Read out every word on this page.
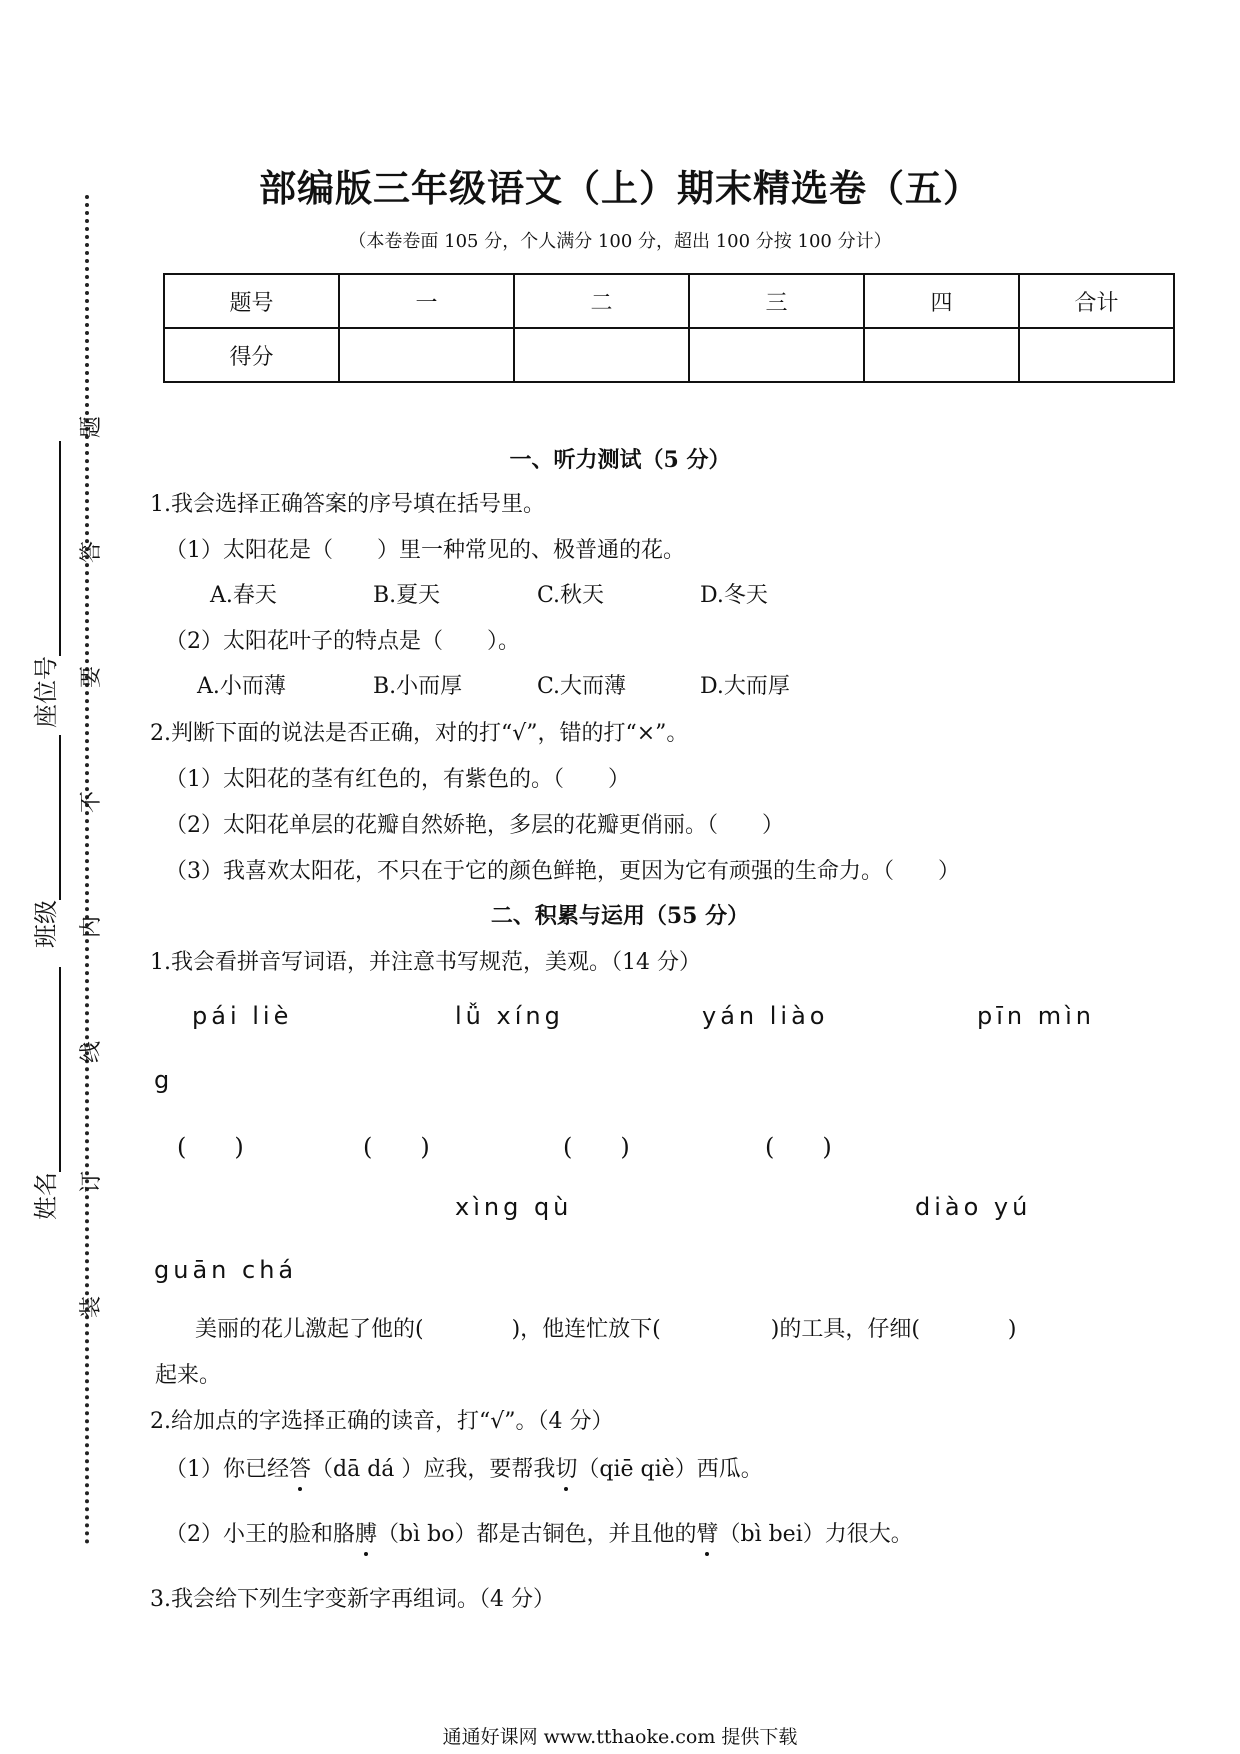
题
答
要
不
内
线
订
装
座位号
班级
姓名
部编版三年级语文（上）期末精选卷（五）
（本卷卷面 105 分，个人满分 100 分，超出 100 分按 100 分计）
题号	一	二	三	四	合计
得分					
一、听力测试（5 分）
1.我会选择正确答案的序号填在括号里。
（1）太阳花是（　　）里一种常见的、极普通的花。
A.春天	B.夏天	C.秋天	D.冬天
（2）太阳花叶子的特点是（　　）。
A.小而薄	B.小而厚	C.大而薄	D.大而厚
2.判断下面的说法是否正确，对的打“√”，错的打“×”。
（1）太阳花的茎有红色的，有紫色的。（　　）
（2）太阳花单层的花瓣自然娇艳，多层的花瓣更俏丽。（　　）
（3）我喜欢太阳花，不只在于它的颜色鲜艳，更因为它有顽强的生命力。（　　）
二、积累与运用（55 分）
1.我会看拼音写词语，并注意书写规范，美观。（14 分）
pái liè	lǚ xíng	yán liào	pīn mìn
g
(　　)	(　　)	(　　)	(　　)
xìng qù	diào yú
guān chá
美丽的花儿激起了他的(　　　　)，他连忙放下(　　　　　)的工具，仔细(　　　　)
起来。
2.给加点的字选择正确的读音，打“√”。（4 分）
（1）你已经答（dā dá ）应我，要帮我切（qiē qiè）西瓜。
（2）小王的脸和胳膊（bì bo）都是古铜色，并且他的臂（bì bei）力很大。
3.我会给下列生字变新字再组词。（4 分）
通通好课网 www.tthaoke.com 提供下载
